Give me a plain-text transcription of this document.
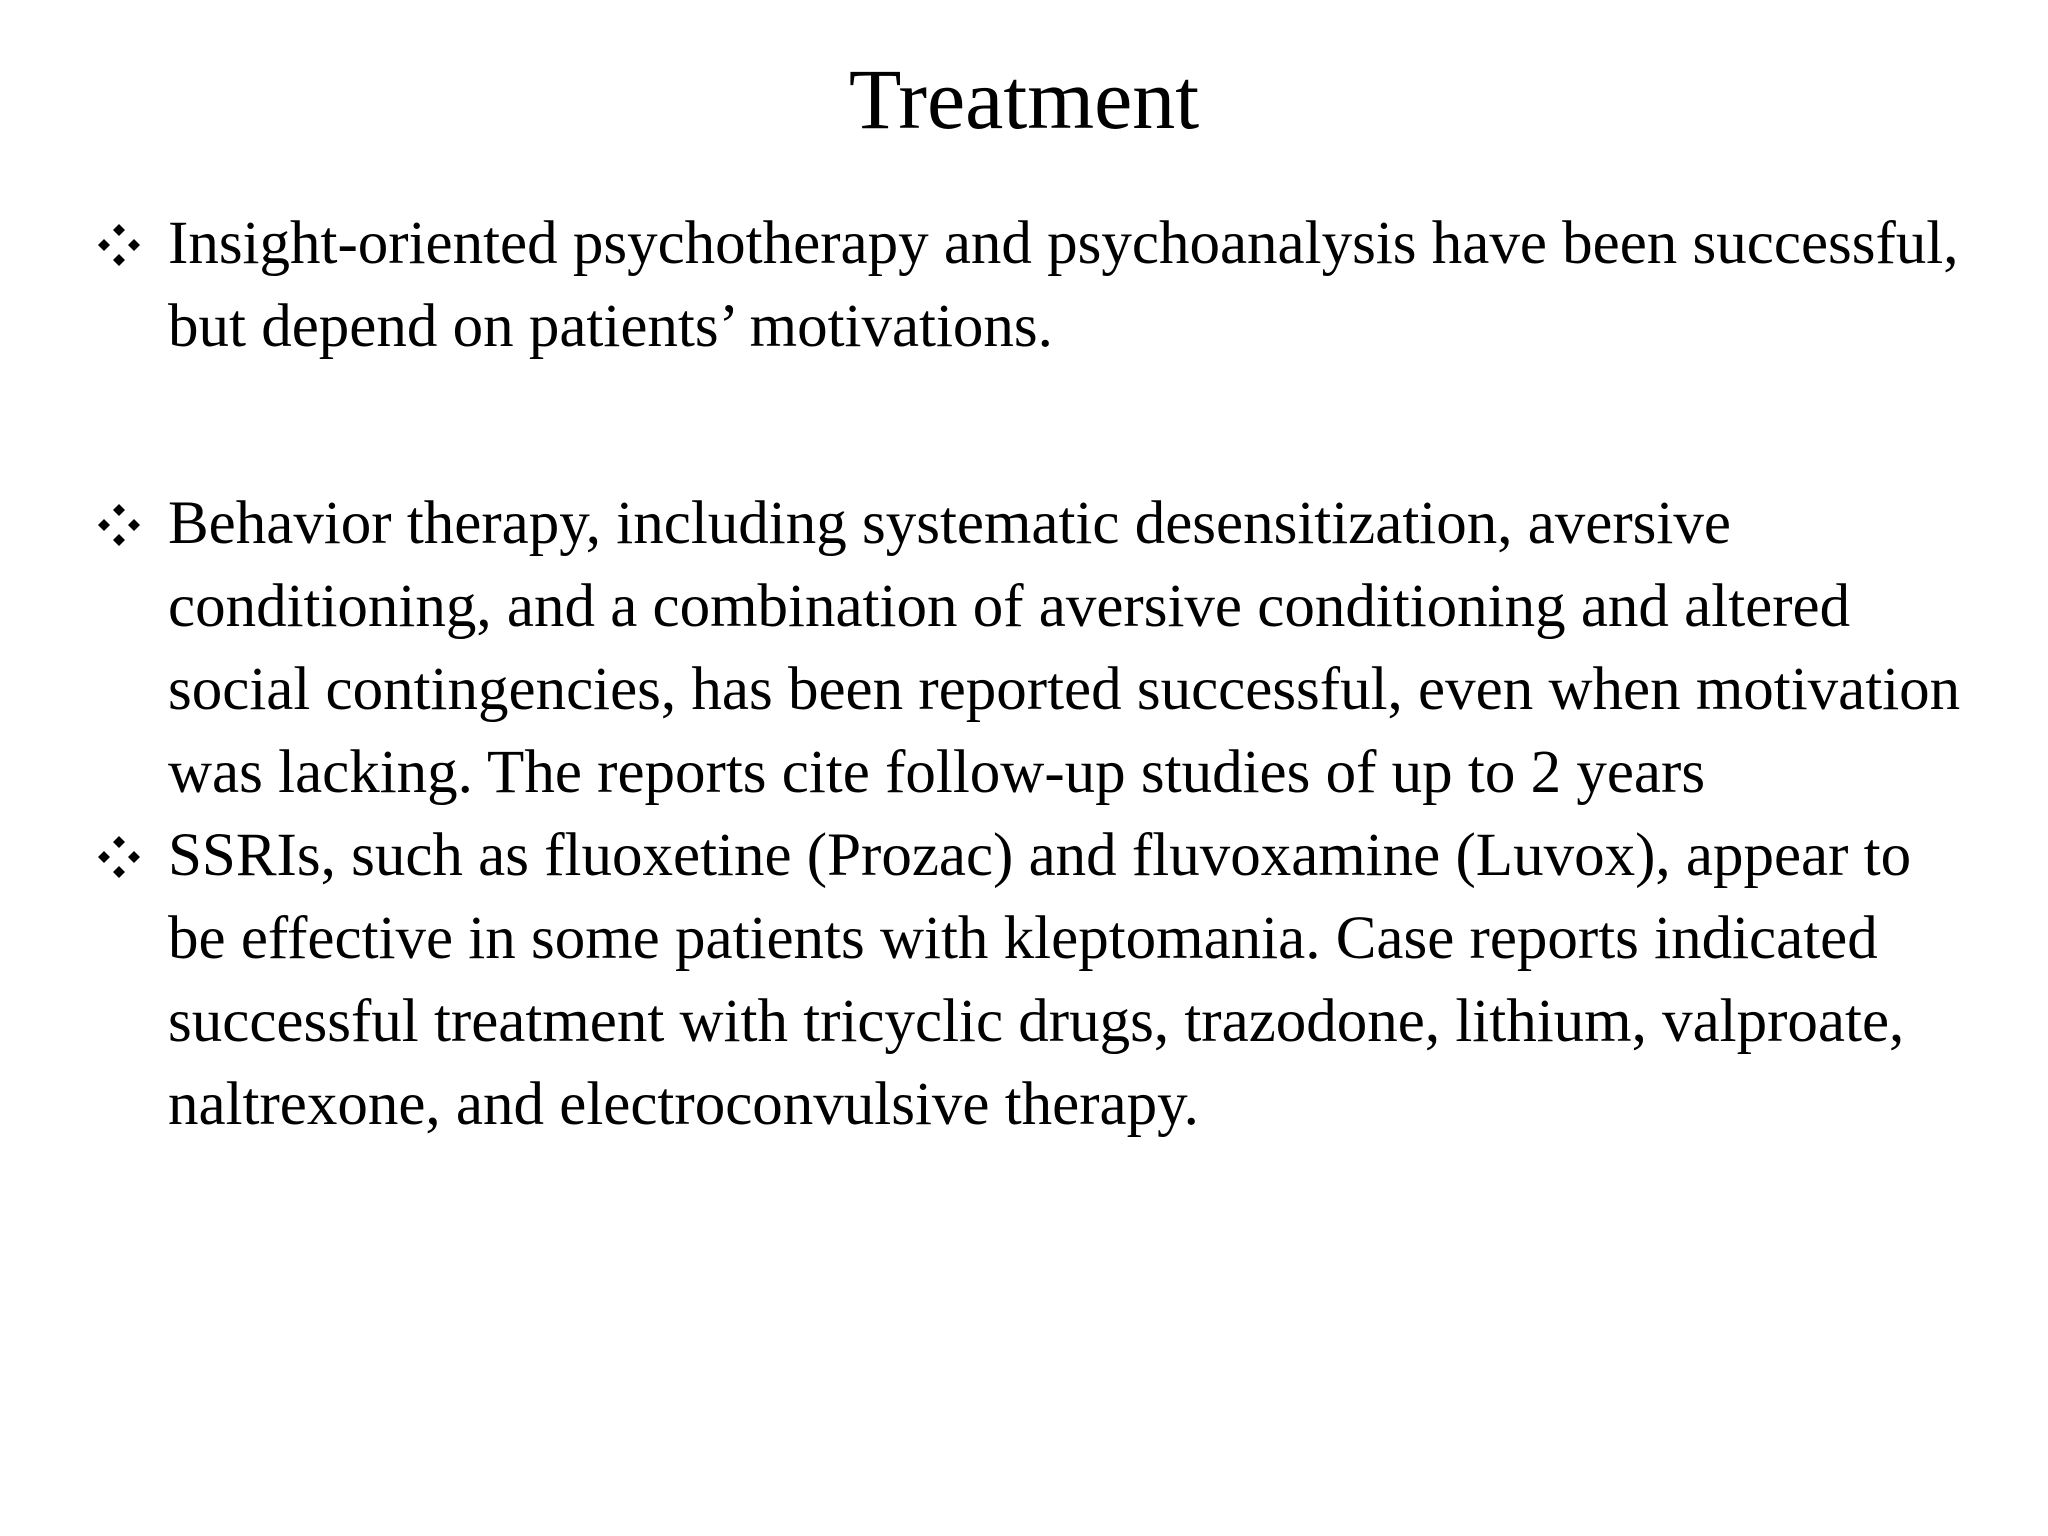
Treatment
Insight-oriented psychotherapy and psychoanalysis have been successful, but depend on patients’ motivations.
Behavior therapy, including systematic desensitization, aversive conditioning, and a combination of aversive conditioning and altered social contingencies, has been reported successful, even when motivation was lacking. The reports cite follow-up studies of up to 2 years
SSRIs, such as fluoxetine (Prozac) and fluvoxamine (Luvox), appear to be effective in some patients with kleptomania. Case reports indicated successful treatment with tricyclic drugs, trazodone, lithium, valproate, naltrexone, and electroconvulsive therapy.
